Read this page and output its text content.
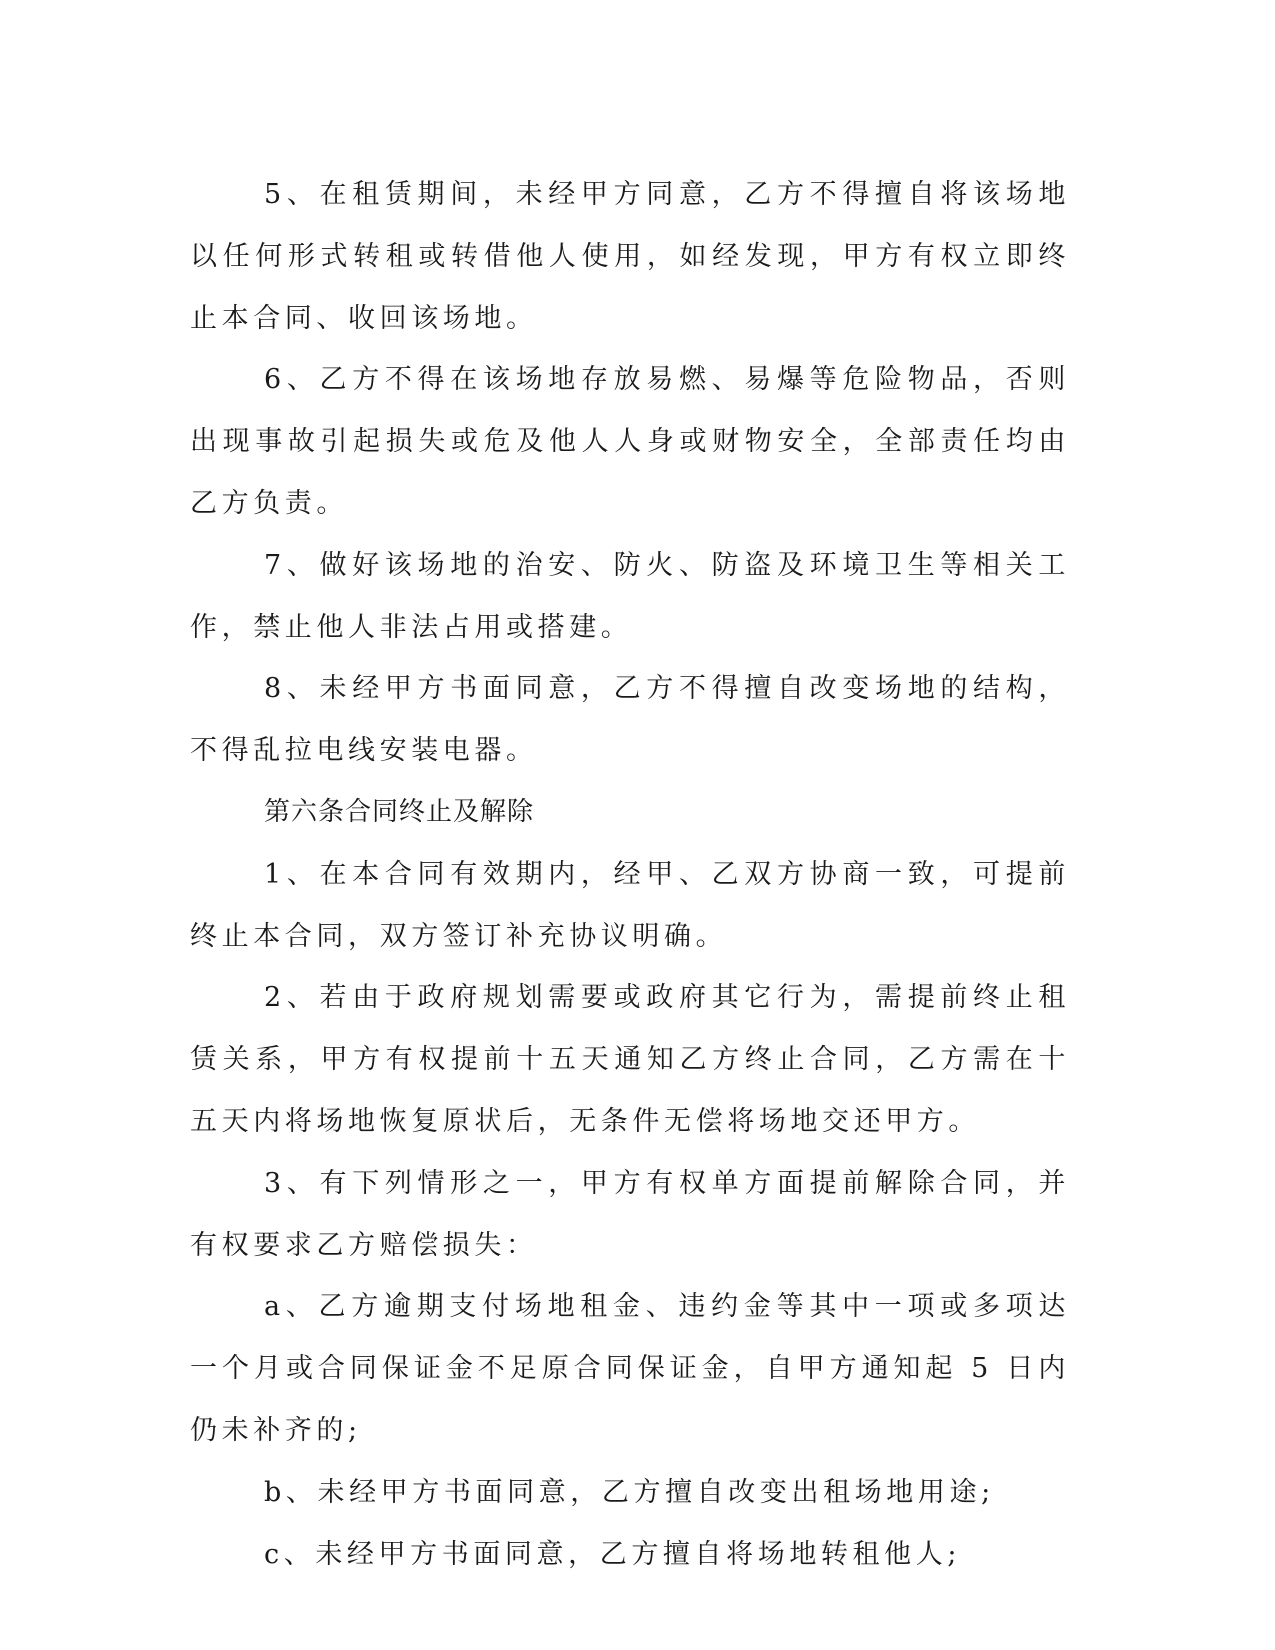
5、在租赁期间，未经甲方同意，乙方不得擅自将该场地以任何形式转租或转借他人使用，如经发现，甲方有权立即终止本合同、收回该场地。

6、乙方不得在该场地存放易燃、易爆等危险物品，否则出现事故引起损失或危及他人人身或财物安全，全部责任均由乙方负责。

7、做好该场地的治安、防火、防盗及环境卫生等相关工作，禁止他人非法占用或搭建。

8、未经甲方书面同意，乙方不得擅自改变场地的结构，不得乱拉电线安装电器。

第六条合同终止及解除

1、在本合同有效期内，经甲、乙双方协商一致，可提前终止本合同，双方签订补充协议明确。

2、若由于政府规划需要或政府其它行为，需提前终止租赁关系，甲方有权提前十五天通知乙方终止合同，乙方需在十五天内将场地恢复原状后，无条件无偿将场地交还甲方。

3、有下列情形之一，甲方有权单方面提前解除合同，并有权要求乙方赔偿损失：

a、乙方逾期支付场地租金、违约金等其中一项或多项达一个月或合同保证金不足原合同保证金，自甲方通知起 5 日内仍未补齐的;

b、未经甲方书面同意，乙方擅自改变出租场地用途;

c、未经甲方书面同意，乙方擅自将场地转租他人;
